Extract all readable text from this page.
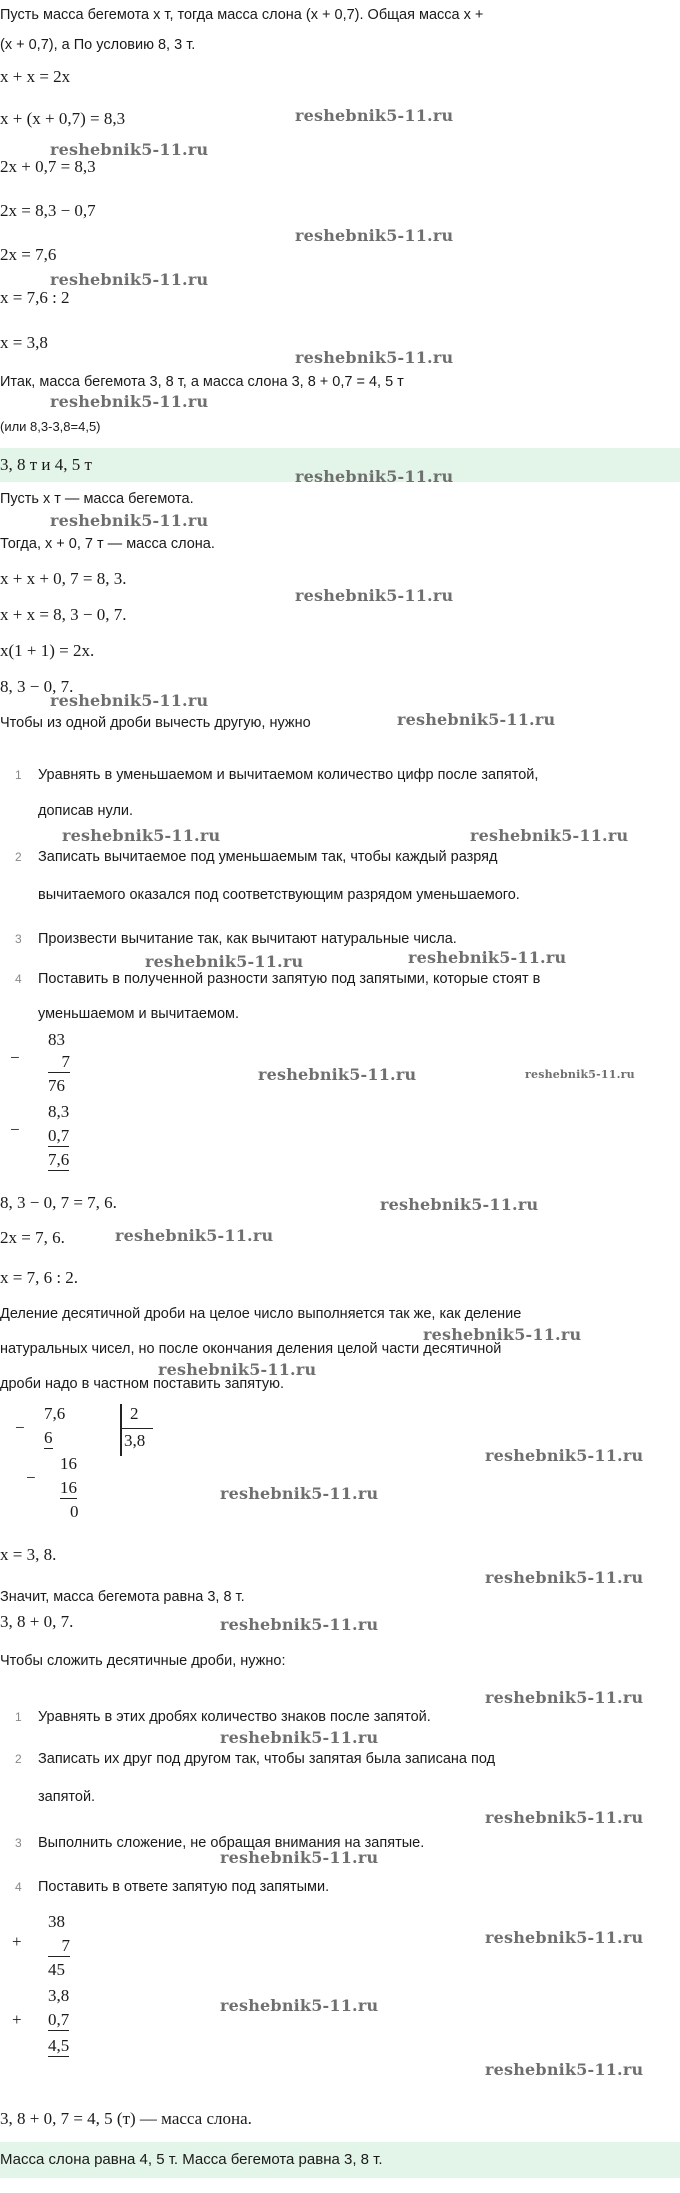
Пусть масса бегемота x т, тогда масса слона (x + 0,7). Общая масса x +
(x + 0,7), а По условию 8, 3 т.
x + x = 2x
x + (x + 0,7) = 8,3
2x + 0,7 = 8,3
2x = 8,3 − 0,7
2x = 7,6
x = 7,6 : 2
x = 3,8
Итак, масса бегемота 3, 8 т, а масса слона 3, 8 + 0,7 = 4, 5 т
(или 8,3-3,8=4,5)
3, 8 т и 4, 5 т
Пусть x т — масса бегемота.
Тогда, x + 0, 7 т — масса слона.
x + x + 0, 7 = 8, 3.
x + x = 8, 3 − 0, 7.
x(1 + 1) = 2x.
8, 3 − 0, 7.
Чтобы из одной дроби вычесть другую, нужно
1 Уравнять в уменьшаемом и вычитаемом количество цифр после запятой,
дописав нули.
2 Записать вычитаемое под уменьшаемым так, чтобы каждый разряд
вычитаемого оказался под соответствующим разрядом уменьшаемого.
3 Произвести вычитание так, как вычитают натуральные числа.
4 Поставить в полученной разности запятую под запятыми, которые стоят в
уменьшаемом и вычитаемом.
−
83
7
76
−
8,3
0,7
7,6
8, 3 − 0, 7 = 7, 6.
2x = 7, 6.
x = 7, 6 : 2.
Деление десятичной дроби на целое число выполняется так же, как деление
натуральных чисел, но после окончания деления целой части десятичной
дроби надо в частном поставить запятую.
−
7,6	2
3,8
6
−
16
16
0
x = 3, 8.
Значит, масса бегемота равна 3, 8 т.
3, 8 + 0, 7.
Чтобы сложить десятичные дроби, нужно:
1 Уравнять в этих дробях количество знаков после запятой.
2 Записать их друг под другом так, чтобы запятая была записана под
запятой.
3 Выполнить сложение, не обращая внимания на запятые.
4 Поставить в ответе запятую под запятыми.
+
38
7
45
+
3,8
0,7
4,5
3, 8 + 0, 7 = 4, 5 (т) — масса слона.
Масса слона равна 4, 5 т. Масса бегемота равна 3, 8 т.
reshebnik5-11.ru
reshebnik5-11.ru
reshebnik5-11.ru
reshebnik5-11.ru
reshebnik5-11.ru
reshebnik5-11.ru
reshebnik5-11.ru
reshebnik5-11.ru
reshebnik5-11.ru
reshebnik5-11.ru
reshebnik5-11.ru
reshebnik5-11.ru	reshebnik5-11.ru
reshebnik5-11.ru	reshebnik5-11.ru
reshebnik5-11.ru	reshebnik5-11.ru
reshebnik5-11.ru
reshebnik5-11.ru
reshebnik5-11.ru
reshebnik5-11.ru
reshebnik5-11.ru
reshebnik5-11.ru
reshebnik5-11.ru
reshebnik5-11.ru
reshebnik5-11.ru
reshebnik5-11.ru
reshebnik5-11.ru
reshebnik5-11.ru
reshebnik5-11.ru
reshebnik5-11.ru
reshebnik5-11.ru
